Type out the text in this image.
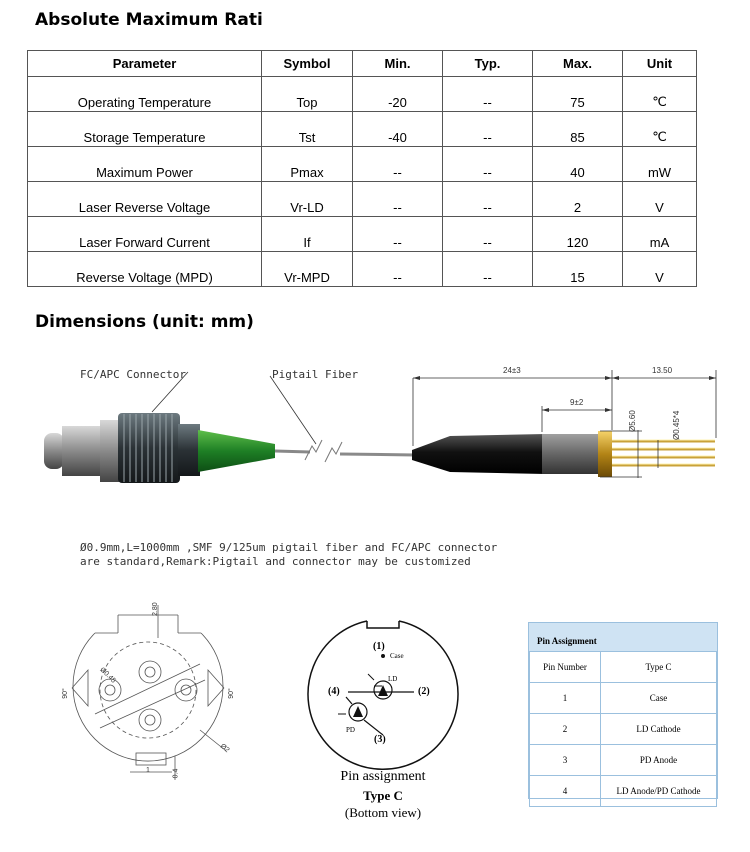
Absolute Maximum Rati
Parameter	Symbol	Min.	Typ.	Max.	Unit
Operating Temperature	Top	-20	--	75	℃
Storage Temperature	Tst	-40	--	85	℃
Maximum Power	Pmax	--	--	40	mW
Laser Reverse Voltage	Vr-LD	--	--	2	V
Laser Forward Current	If	--	--	120	mA
Reverse Voltage (MPD)	Vr-MPD	--	--	15	V
Dimensions (unit: mm)
FC/APC Connector	Pigtail Fiber	24±3	13.50
9±2
Ø5.60	Ø0.45*4
Ø0.9mm,L=1000mm ,SMF 9/125um pigtail fiber and FC/APC connector
are standard,Remark:Pigtail and connector may be customized
2.80
Ø0.45
90°	90°
Ø2
1	0.4
(1)
Case
LD
(4)	(2)
PD
(3)
Pin assignment
Type C
(Bottom view)
Pin Assignment
Pin Number	Type C
1	Case
2	LD Cathode
3	PD Anode
4	LD Anode/PD Cathode
